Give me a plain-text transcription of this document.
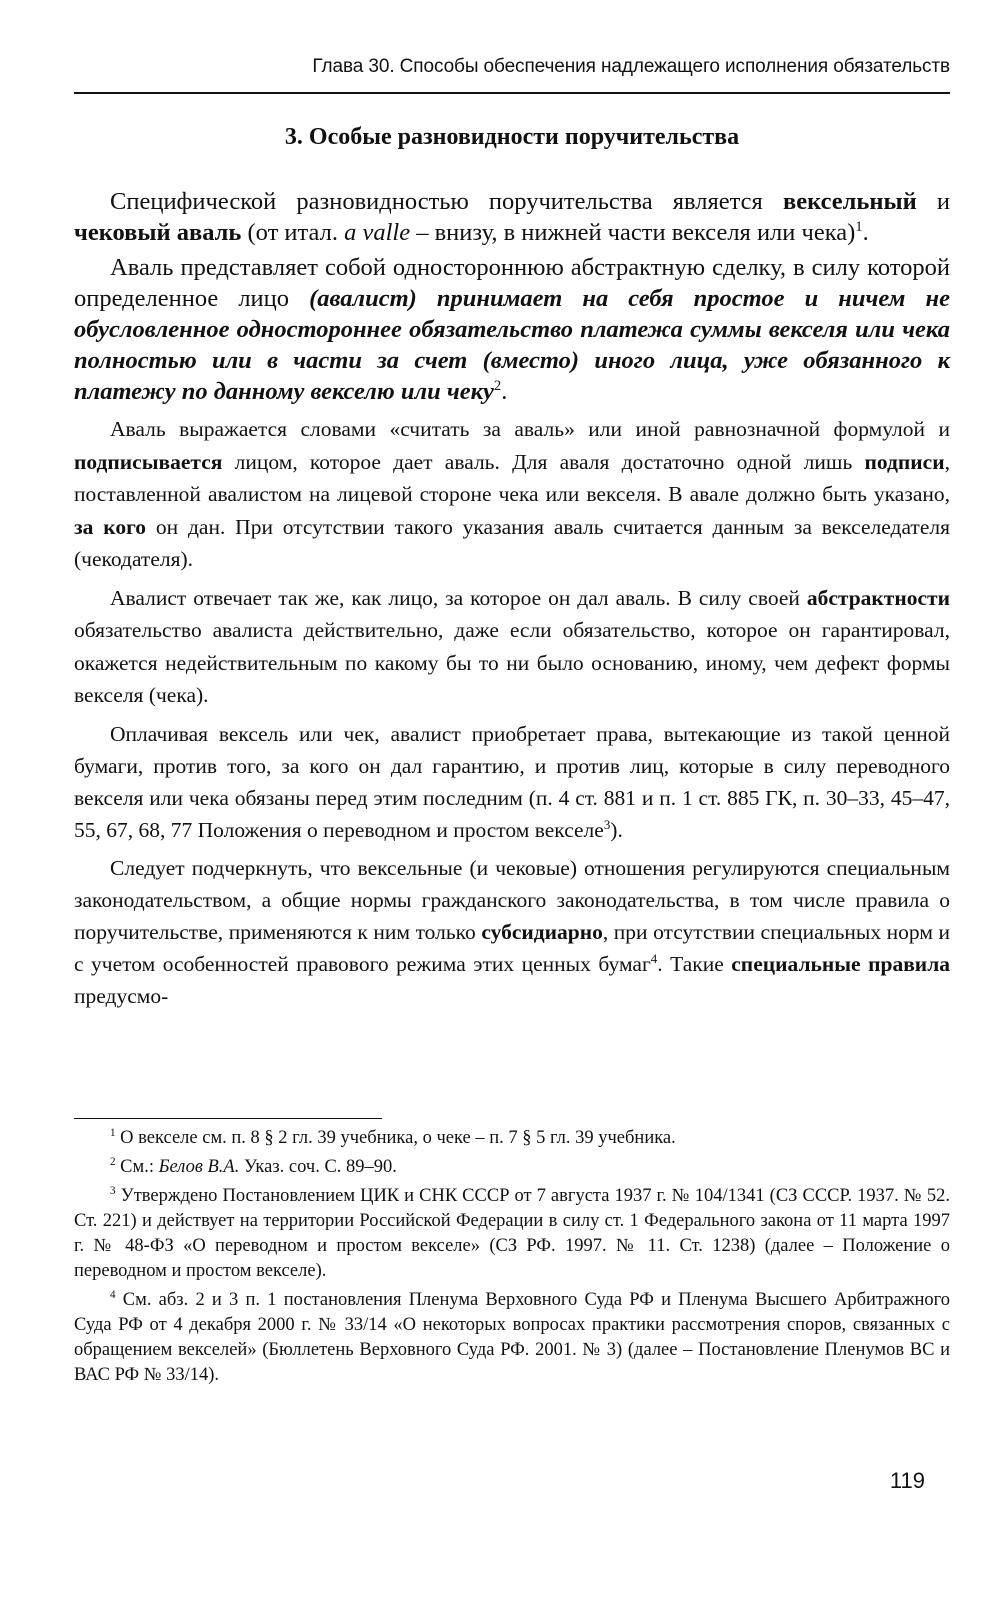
Глава 30. Способы обеспечения надлежащего исполнения обязательств
3. Особые разновидности поручительства

Специфической разновидностью поручительства является вексельный и чековый аваль (от итал. a valle – внизу, в нижней части векселя или чека)$^1$.

Аваль представляет собой одностороннюю абстрактную сделку, в силу которой определенное лицо (авалист) принимает на себя простое и ничем не обусловленное одностороннее обязательство платежа суммы векселя или чека полностью или в части за счет (вместо) иного лица, уже обязанного к платежу по данному векселю или чеку$^2$.

Аваль выражается словами «считать за аваль» или иной равнозначной формулой и подписывается лицом, которое дает аваль. Для аваля достаточно одной лишь подписи, поставленной авалистом на лицевой стороне чека или векселя. В авале должно быть указано, за кого он дан. При отсутствии такого указания аваль считается данным за векселедателя (чекодателя).

Авалист отвечает так же, как лицо, за которое он дал аваль. В силу своей абстрактности обязательство авалиста действительно, даже если обязательство, которое он гарантировал, окажется недействительным по какому бы то ни было основанию, иному, чем дефект формы векселя (чека).

Оплачивая вексель или чек, авалист приобретает права, вытекающие из такой ценной бумаги, против того, за кого он дал гарантию, и против лиц, которые в силу переводного векселя или чека обязаны перед этим последним (п. 4 ст. 881 и п. 1 ст. 885 ГК, п. 30–33, 45–47, 55, 67, 68, 77 Положения о переводном и простом векселе$^3$).

Следует подчеркнуть, что вексельные (и чековые) отношения регулируются специальным законодательством, а общие нормы гражданского законодательства, в том числе правила о поручительстве, применяются к ним только субсидиарно, при отсутствии специальных норм и с учетом особенностей правового режима этих ценных бумаг$^4$. Такие специальные правила предусмо-

$^1$ О векселе см. п. 8 § 2 гл. 39 учебника, о чеке – п. 7 § 5 гл. 39 учебника.

$^2$ См.: Белов В.А. Указ. соч. С. 89–90.

$^3$ Утверждено Постановлением ЦИК и СНК СССР от 7 августа 1937 г. № 104/1341 (СЗ СССР. 1937. № 52. Ст. 221) и действует на территории Российской Федерации в силу ст. 1 Федерального закона от 11 марта 1997 г. № 48-ФЗ «О переводном и простом векселе» (СЗ РФ. 1997. № 11. Ст. 1238) (далее – Положение о переводном и простом векселе).

$^4$ См. абз. 2 и 3 п. 1 постановления Пленума Верховного Суда РФ и Пленума Высшего Арбитражного Суда РФ от 4 декабря 2000 г. № 33/14 «О некоторых вопросах практики рассмотрения споров, связанных с обращением векселей» (Бюллетень Верховного Суда РФ. 2001. № 3) (далее – Постановление Пленумов ВС и ВАС РФ № 33/14).

119
